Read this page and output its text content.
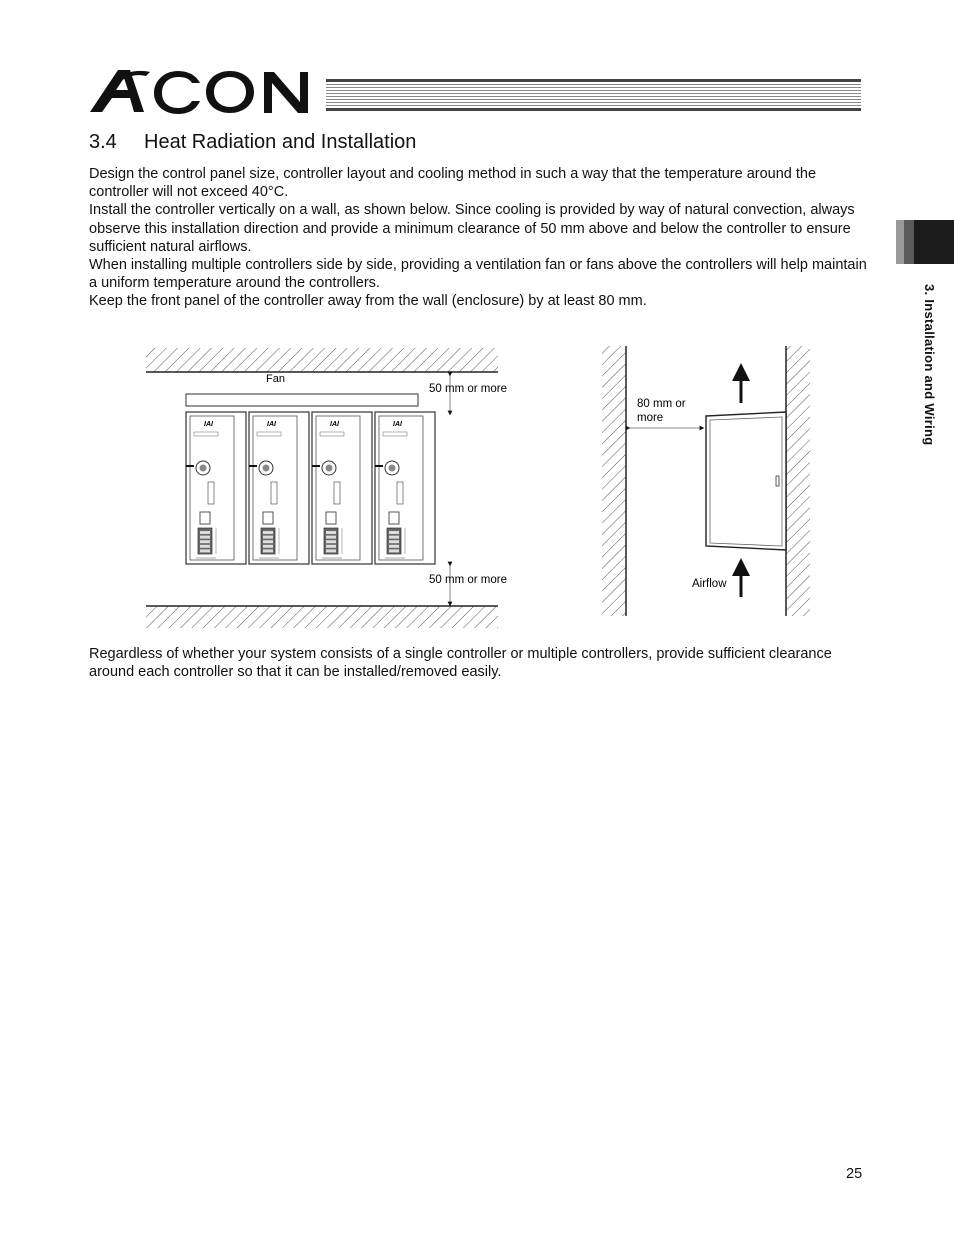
3.4 Heat Radiation and Installation

Design the control panel size, controller layout and cooling method in such a way that the temperature around the controller will not exceed 40°C.

Install the controller vertically on a wall, as shown below. Since cooling is provided by way of natural convection, always observe this installation direction and provide a minimum clearance of 50 mm above and below the controller to ensure sufficient natural airflows.

When installing multiple controllers side by side, providing a ventilation fan or fans above the controllers will help maintain a uniform temperature around the controllers.

Keep the front panel of the controller away from the wall (enclosure) by at least 80 mm.	3. Installation and Wiring
Fan
IAI	IAI	IAI	IAI
50 mm or more
50 mm or more
80 mm or
more
Airflow

Regardless of whether your system consists of a single controller or multiple controllers, provide sufficient clearance around each controller so that it can be installed/removed easily.

25
